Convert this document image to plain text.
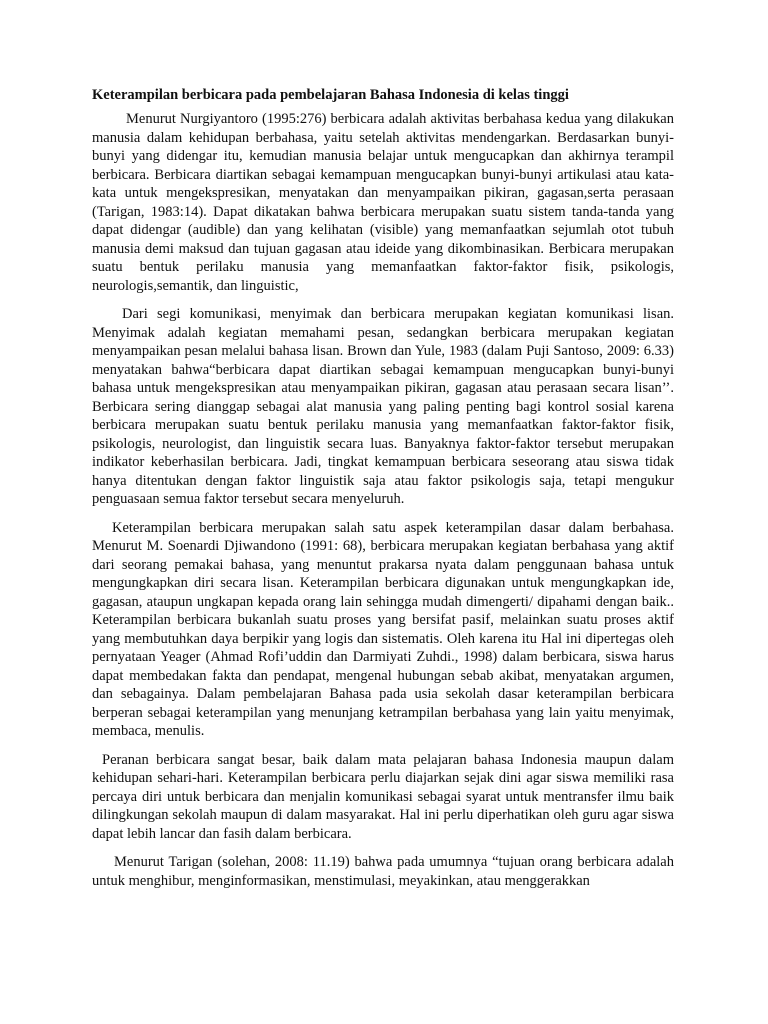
Keterampilan berbicara pada pembelajaran Bahasa Indonesia di kelas tinggi

Menurut Nurgiyantoro (1995:276) berbicara adalah aktivitas berbahasa kedua yang dilakukan manusia dalam kehidupan berbahasa, yaitu setelah aktivitas mendengarkan. Berdasarkan bunyi- bunyi yang didengar itu, kemudian manusia belajar untuk mengucapkan dan akhirnya terampil berbicara. Berbicara diartikan sebagai kemampuan mengucapkan bunyi-bunyi artikulasi atau kata- kata untuk mengekspresikan, menyatakan dan menyampaikan pikiran, gagasan,serta perasaan (Tarigan, 1983:14). Dapat dikatakan bahwa berbicara merupakan suatu sistem tanda-tanda yang dapat didengar (audible) dan yang kelihatan (visible) yang memanfaatkan sejumlah otot tubuh manusia demi maksud dan tujuan gagasan atau ideide yang dikombinasikan. Berbicara merupakan suatu bentuk perilaku manusia yang memanfaatkan faktor-faktor fisik, psikologis, neurologis,semantik, dan linguistic,

Dari segi komunikasi, menyimak dan berbicara merupakan kegiatan komunikasi lisan. Menyimak adalah kegiatan memahami pesan, sedangkan berbicara merupakan kegiatan menyampaikan pesan melalui bahasa lisan. Brown dan Yule, 1983 (dalam Puji Santoso, 2009: 6.33) menyatakan bahwa“berbicara dapat diartikan sebagai kemampuan mengucapkan bunyi-bunyi bahasa untuk mengekspresikan atau menyampaikan pikiran, gagasan atau perasaan secara lisan’’. Berbicara sering dianggap sebagai alat manusia yang paling penting bagi kontrol sosial karena berbicara merupakan suatu bentuk perilaku manusia yang memanfaatkan faktor-faktor fisik, psikologis, neurologist, dan linguistik secara luas. Banyaknya faktor-faktor tersebut merupakan indikator keberhasilan berbicara. Jadi, tingkat kemampuan berbicara seseorang atau siswa tidak hanya ditentukan dengan faktor linguistik saja atau faktor psikologis saja, tetapi mengukur penguasaan semua faktor tersebut secara menyeluruh.

Keterampilan berbicara merupakan salah satu aspek keterampilan dasar dalam berbahasa. Menurut M. Soenardi Djiwandono (1991: 68), berbicara merupakan kegiatan berbahasa yang aktif dari seorang pemakai bahasa, yang menuntut prakarsa nyata dalam penggunaan bahasa untuk mengungkapkan diri secara lisan. Keterampilan berbicara digunakan untuk mengungkapkan ide, gagasan, ataupun ungkapan kepada orang lain sehingga mudah dimengerti/ dipahami dengan baik.. Keterampilan berbicara bukanlah suatu proses yang bersifat pasif, melainkan suatu proses aktif yang membutuhkan daya berpikir yang logis dan sistematis. Oleh karena itu Hal ini dipertegas oleh pernyataan Yeager (Ahmad Rofi’uddin dan Darmiyati Zuhdi., 1998) dalam berbicara, siswa harus dapat membedakan fakta dan pendapat, mengenal hubungan sebab akibat, menyatakan argumen, dan sebagainya. Dalam pembelajaran Bahasa pada usia sekolah dasar keterampilan berbicara berperan sebagai keterampilan yang menunjang ketrampilan berbahasa yang lain yaitu menyimak, membaca, menulis.

Peranan berbicara sangat besar, baik dalam mata pelajaran bahasa Indonesia maupun dalam kehidupan sehari-hari. Keterampilan berbicara perlu diajarkan sejak dini agar siswa memiliki rasa percaya diri untuk berbicara dan menjalin komunikasi sebagai syarat untuk mentransfer ilmu baik dilingkungan sekolah maupun di dalam masyarakat. Hal ini perlu diperhatikan oleh guru agar siswa dapat lebih lancar dan fasih dalam berbicara.

Menurut Tarigan (solehan, 2008: 11.19) bahwa pada umumnya “tujuan orang berbicara adalah untuk menghibur, menginformasikan, menstimulasi, meyakinkan, atau menggerakkan
